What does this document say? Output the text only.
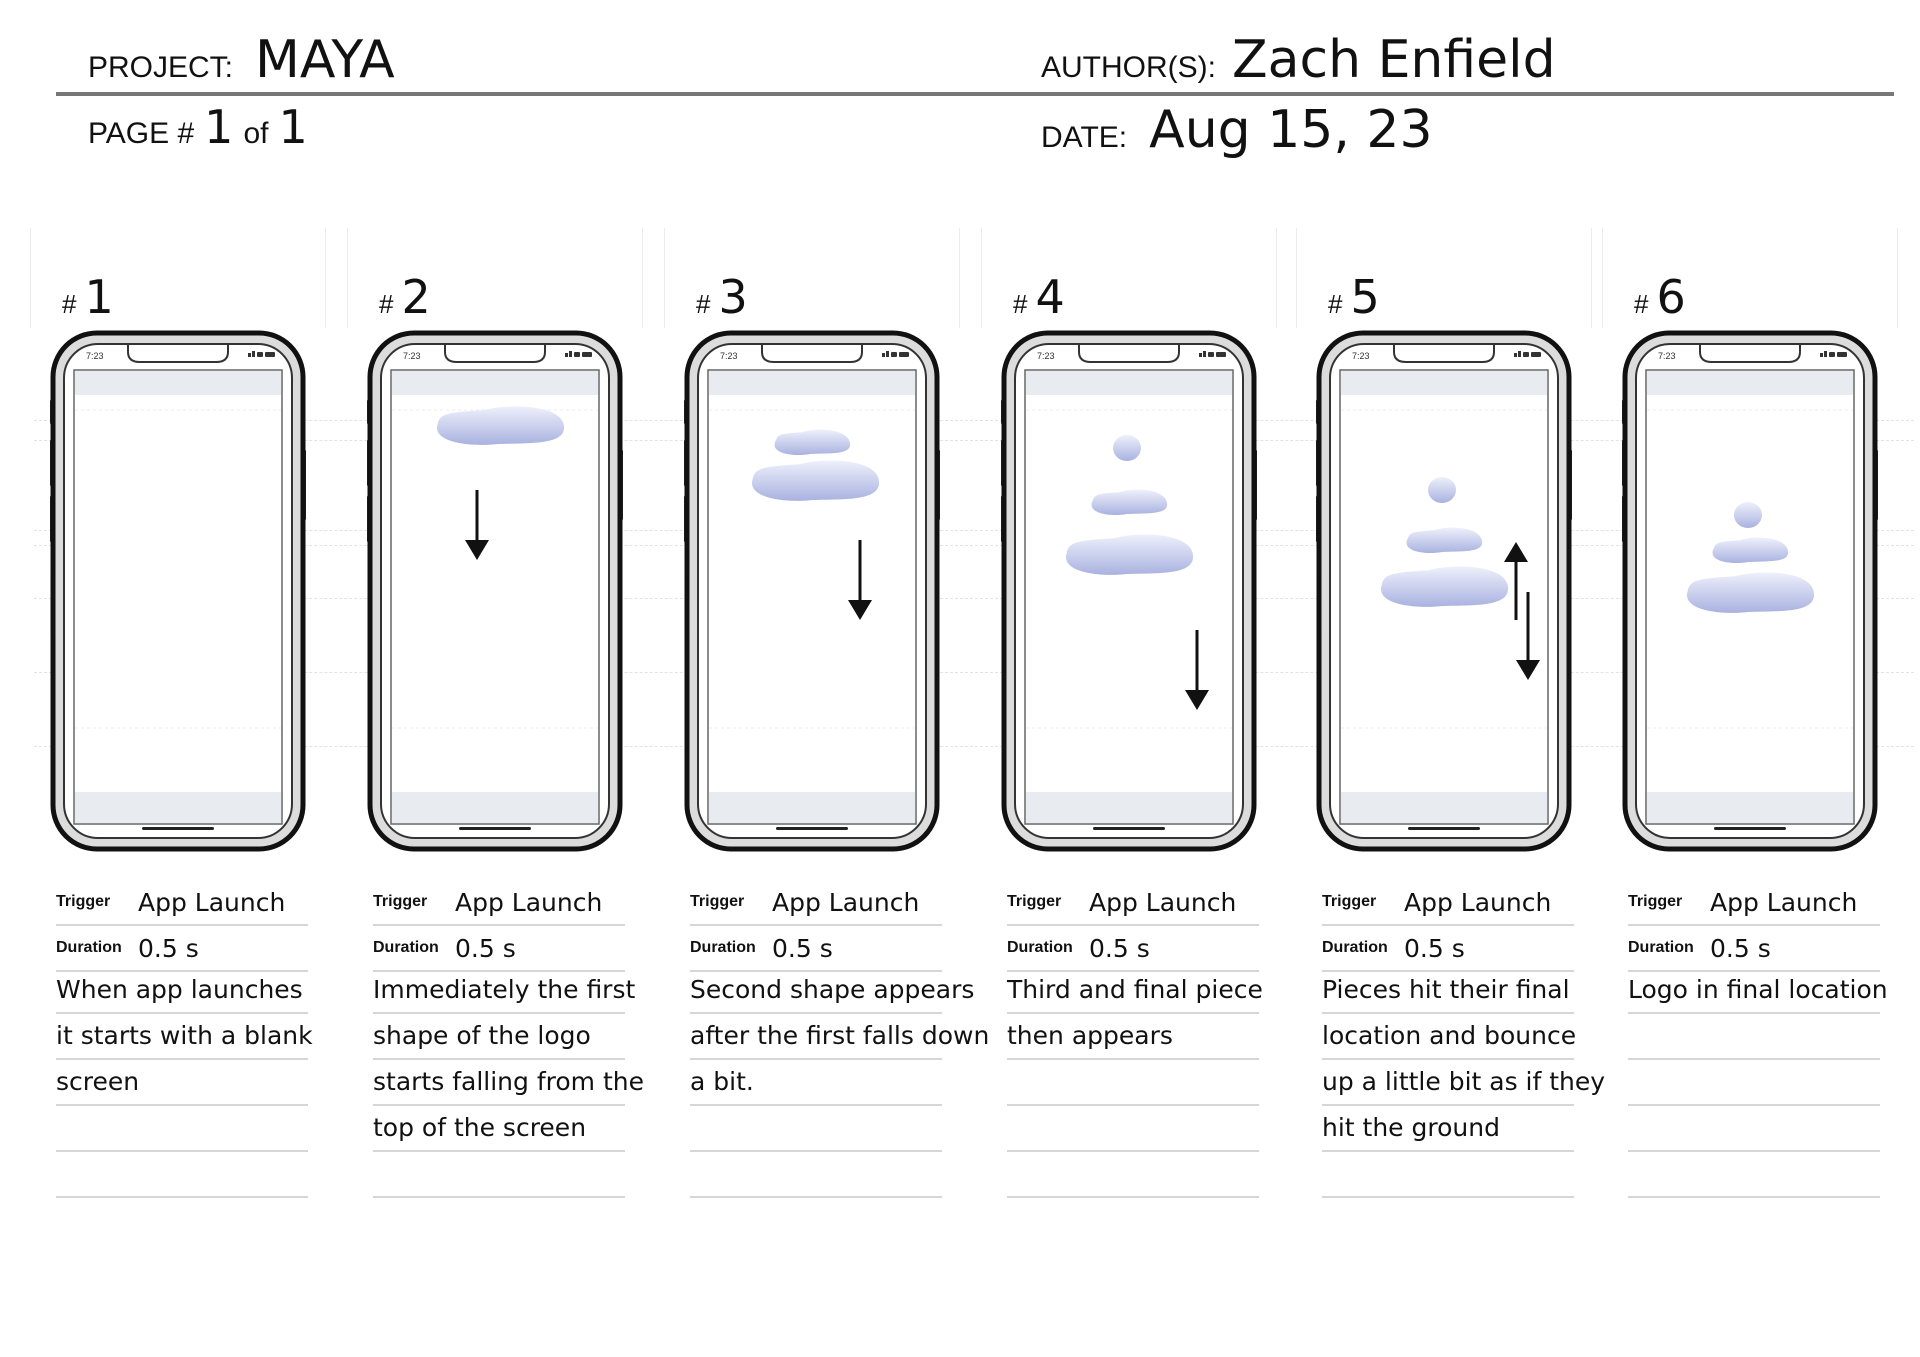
PROJECT: MAYA	AUTHOR(S): Zach Enfield
PAGE # 1 of 1	DATE: Aug 15, 23
# 1
7:23
Trigger	App Launch
Duration 0.5 s
When app launches
it starts with a blank
screen
# 2
7:23
Trigger	App Launch
Duration 0.5 s
Immediately the first
shape of the logo
starts falling from the
top of the screen
# 3
7:23
Trigger	App Launch
Duration 0.5 s
Second shape appears
after the first falls down
a bit.
# 4
7:23
Trigger	App Launch
Duration 0.5 s
Third and final piece
then appears
# 5
7:23
Trigger	App Launch
Duration 0.5 s
Pieces hit their final
location and bounce
up a little bit as if they
hit the ground
# 6
7:23
Trigger	App Launch
Duration 0.5 s
Logo in final location
